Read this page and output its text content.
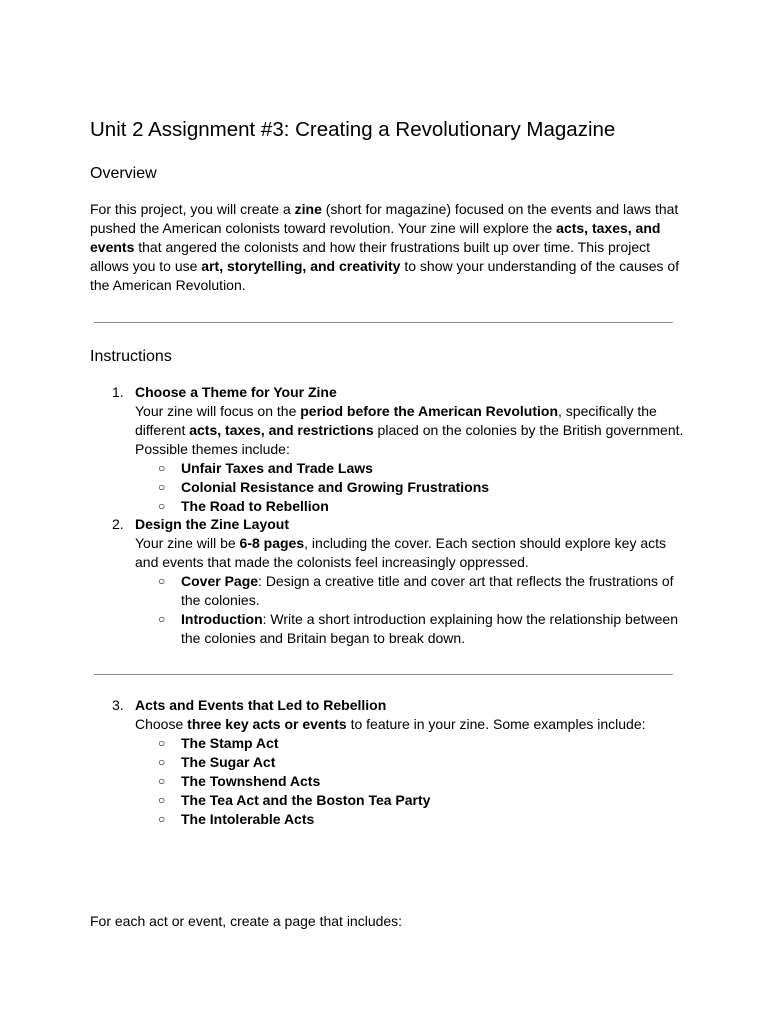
Unit 2 Assignment #3: Creating a Revolutionary Magazine
Overview

For this project, you will create a zine (short for magazine) focused on the events and laws that pushed the American colonists toward revolution. Your zine will explore the acts, taxes, and events that angered the colonists and how their frustrations built up over time. This project allows you to use art, storytelling, and creativity to show your understanding of the causes of the American Revolution.

Instructions
1. Choose a Theme for Your Zine

Your zine will focus on the period before the American Revolution, specifically the different acts, taxes, and restrictions placed on the colonies by the British government. Possible themes include:

○ Unfair Taxes and Trade Laws
○ Colonial Resistance and Growing Frustrations
○ The Road to Rebellion
2. Design the Zine Layout

Your zine will be 6-8 pages, including the cover. Each section should explore key acts and events that made the colonists feel increasingly oppressed.

○ Cover Page: Design a creative title and cover art that reflects the frustrations of the colonies.
○ Introduction: Write a short introduction explaining how the relationship between the colonies and Britain began to break down.
3. Acts and Events that Led to Rebellion

Choose three key acts or events to feature in your zine. Some examples include:

○ The Stamp Act
○ The Sugar Act
○ The Townshend Acts
○ The Tea Act and the Boston Tea Party
○ The Intolerable Acts

For each act or event, create a page that includes:
